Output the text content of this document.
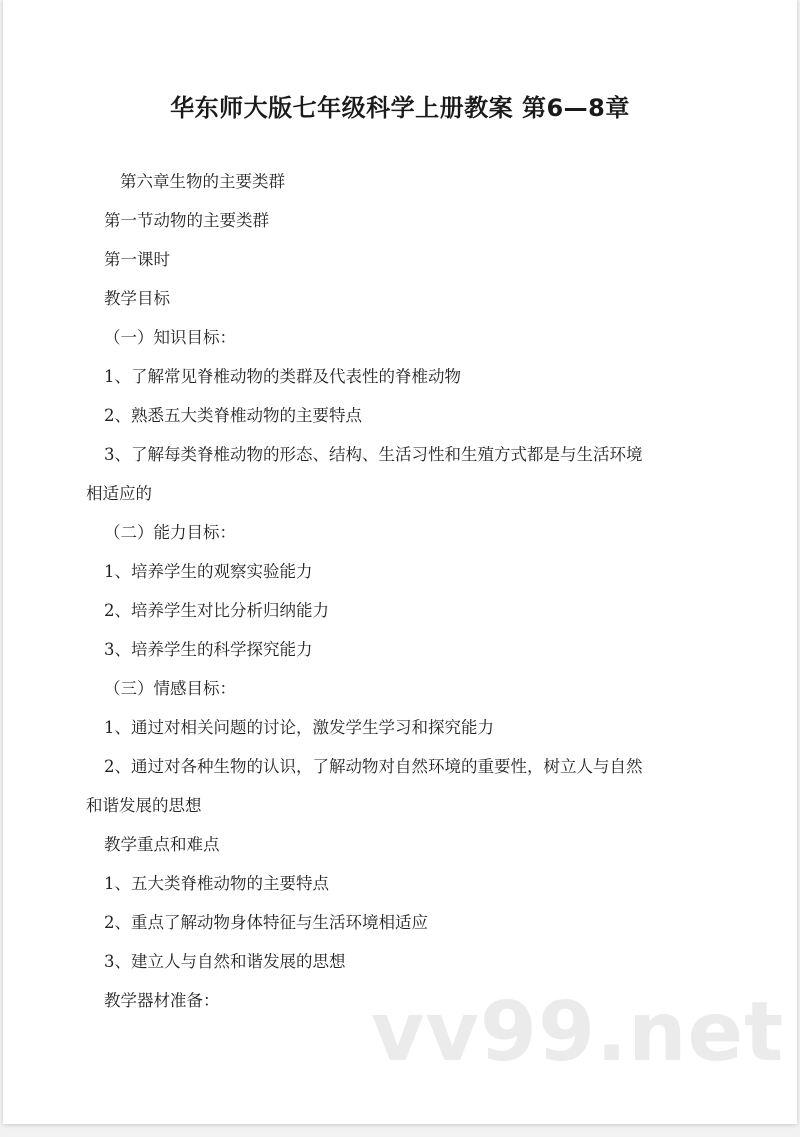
华东师大版七年级科学上册教案 第6—8章

第六章生物的主要类群

第一节动物的主要类群

第一课时

教学目标

（一）知识目标：

1、了解常见脊椎动物的类群及代表性的脊椎动物

2、熟悉五大类脊椎动物的主要特点

3、了解每类脊椎动物的形态、结构、生活习性和生殖方式都是与生活环境

相适应的

（二）能力目标：

1、培养学生的观察实验能力

2、培养学生对比分析归纳能力

3、培养学生的科学探究能力

（三）情感目标：

1、通过对相关问题的讨论，激发学生学习和探究能力

2、通过对各种生物的认识，了解动物对自然环境的重要性，树立人与自然

和谐发展的思想

教学重点和难点

1、五大类脊椎动物的主要特点

2、重点了解动物身体特征与生活环境相适应

3、建立人与自然和谐发展的思想

教学器材准备： vv99.net
